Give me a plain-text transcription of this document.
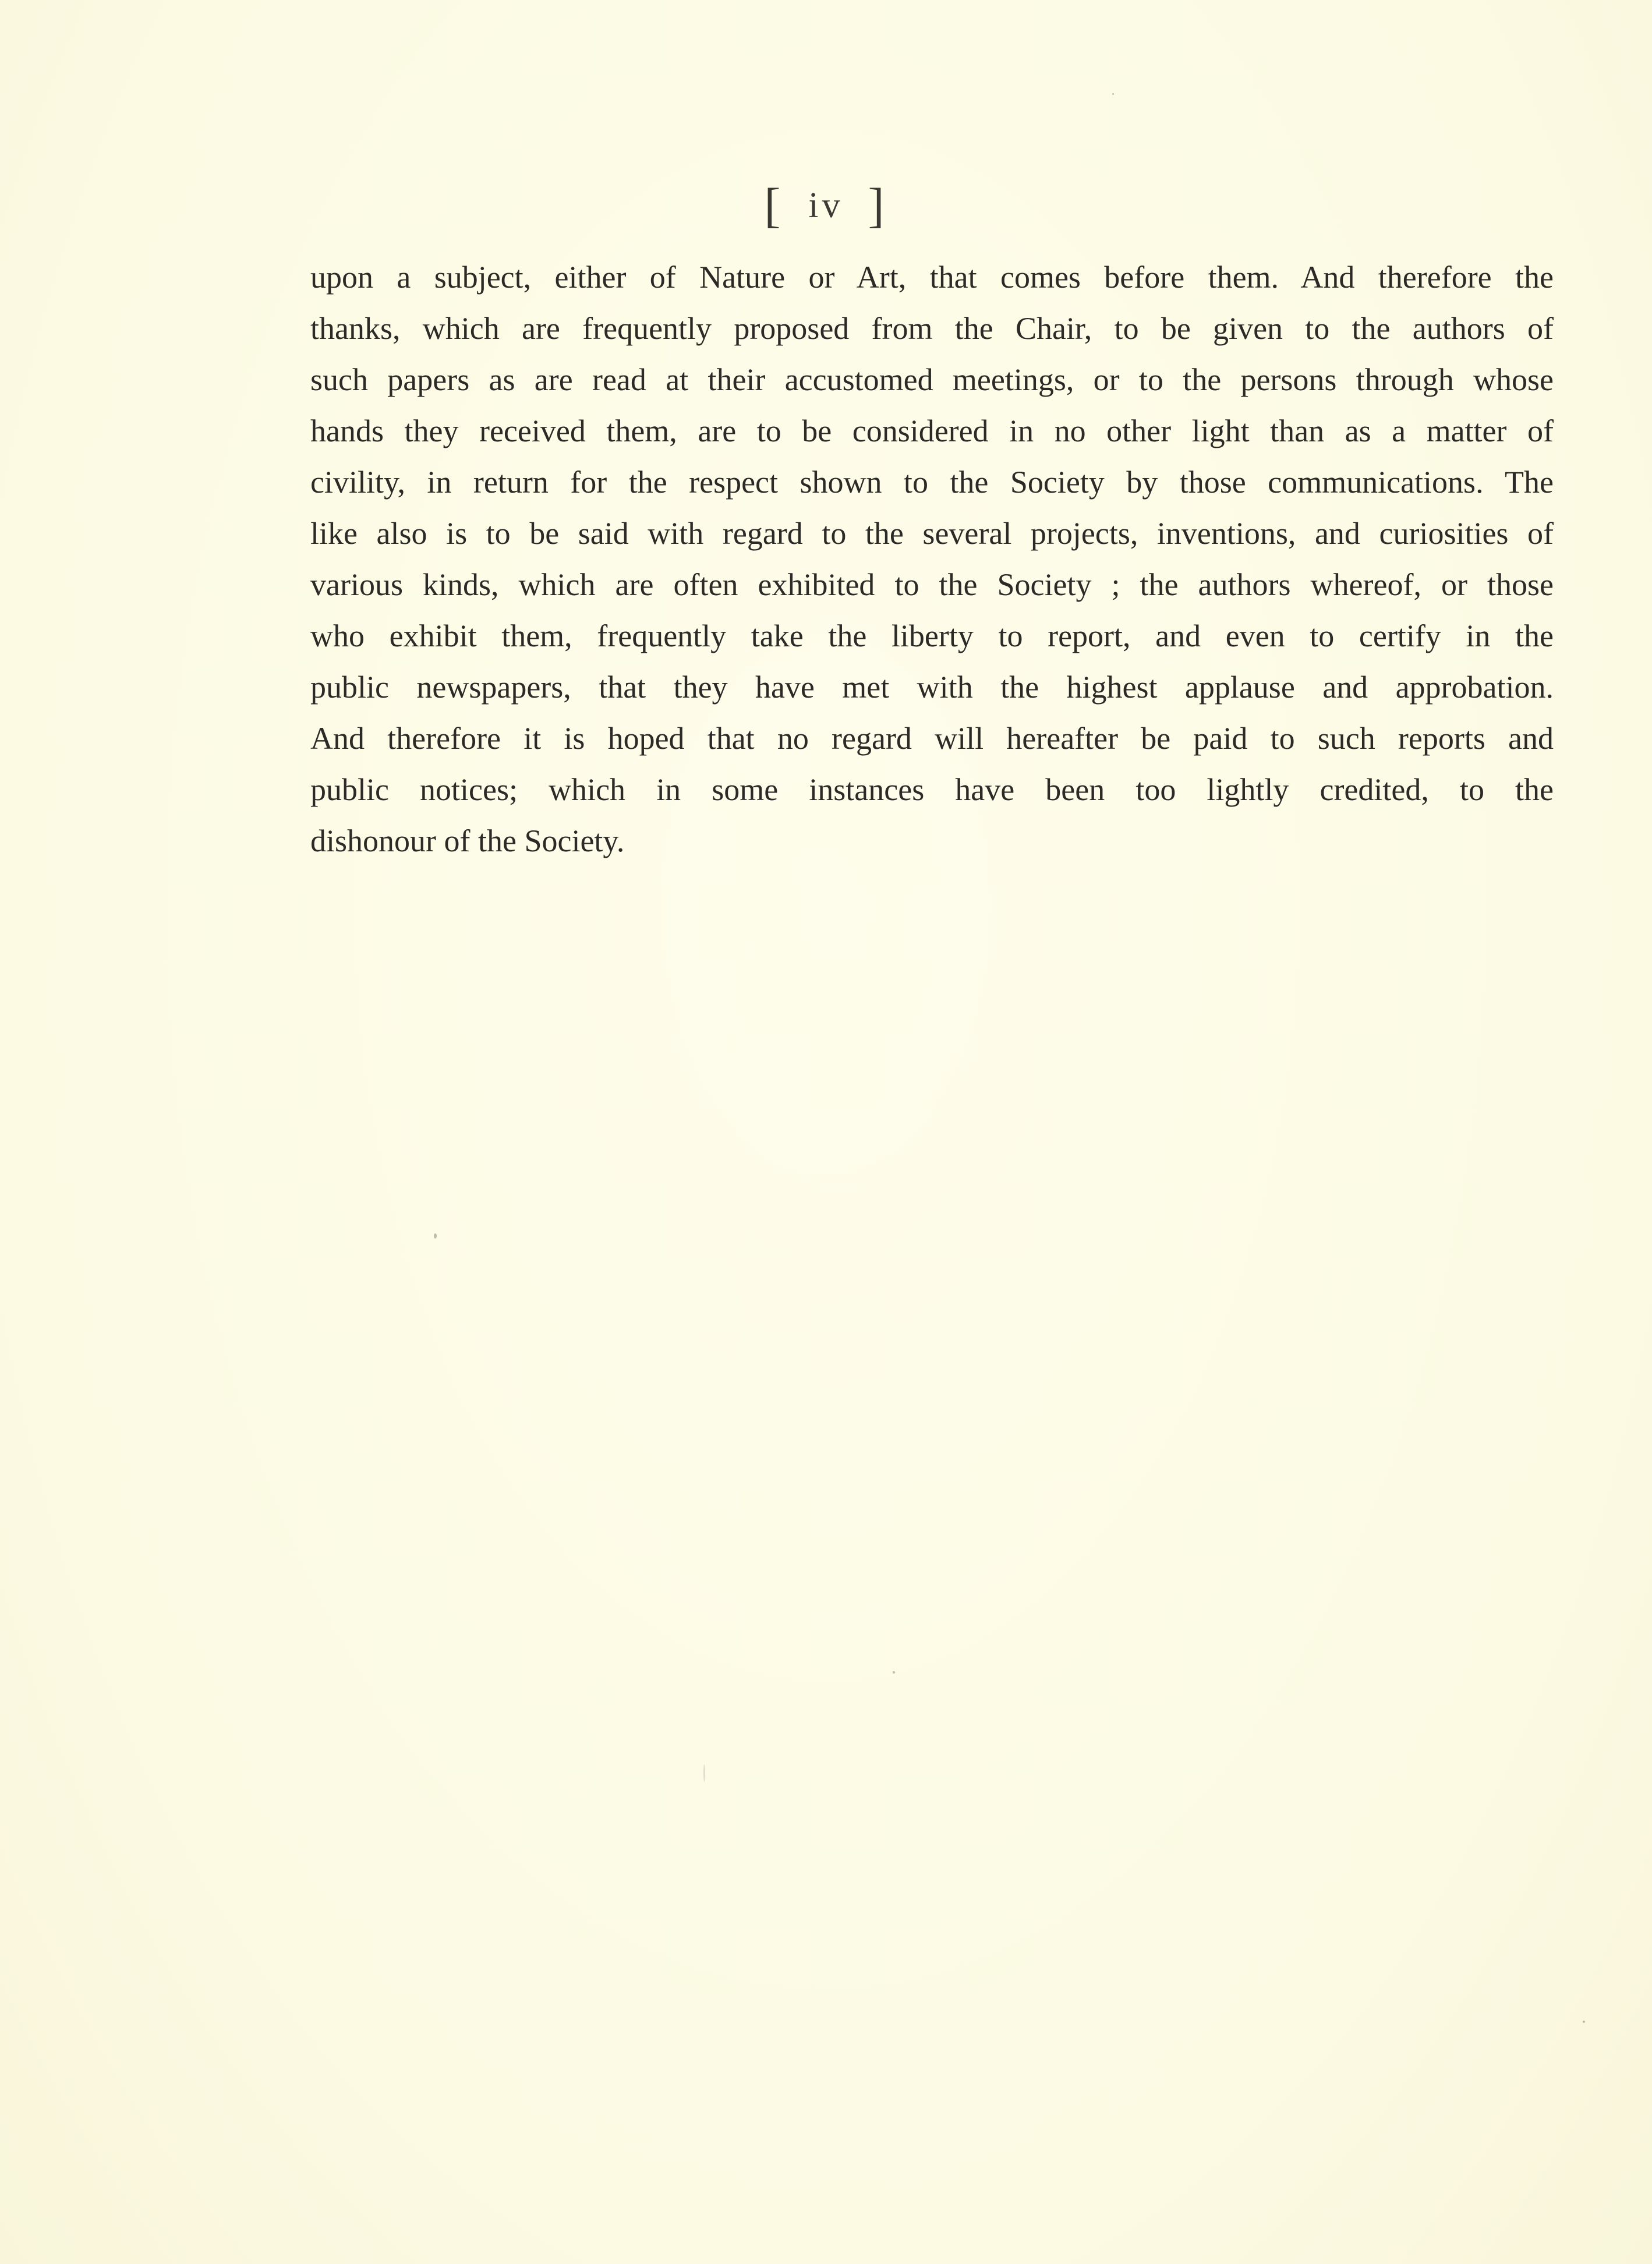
[ iv ]
upon a subject, either of Nature or Art, that comes before them. And therefore the
thanks, which are frequently proposed from the Chair, to be given to the authors of
such papers as are read at their accustomed meetings, or to the persons through whose
hands they received them, are to be considered in no other light than as a matter of
civility, in return for the respect shown to the Society by those communications. The
like also is to be said with regard to the several projects, inventions, and curiosities of
various kinds, which are often exhibited to the Society ; the authors whereof, or those
who exhibit them, frequently take the liberty to report, and even to certify in the
public newspapers, that they have met with the highest applause and approbation.
And therefore it is hoped that no regard will hereafter be paid to such reports and
public notices; which in some instances have been too lightly credited, to the
dishonour of the Society.
